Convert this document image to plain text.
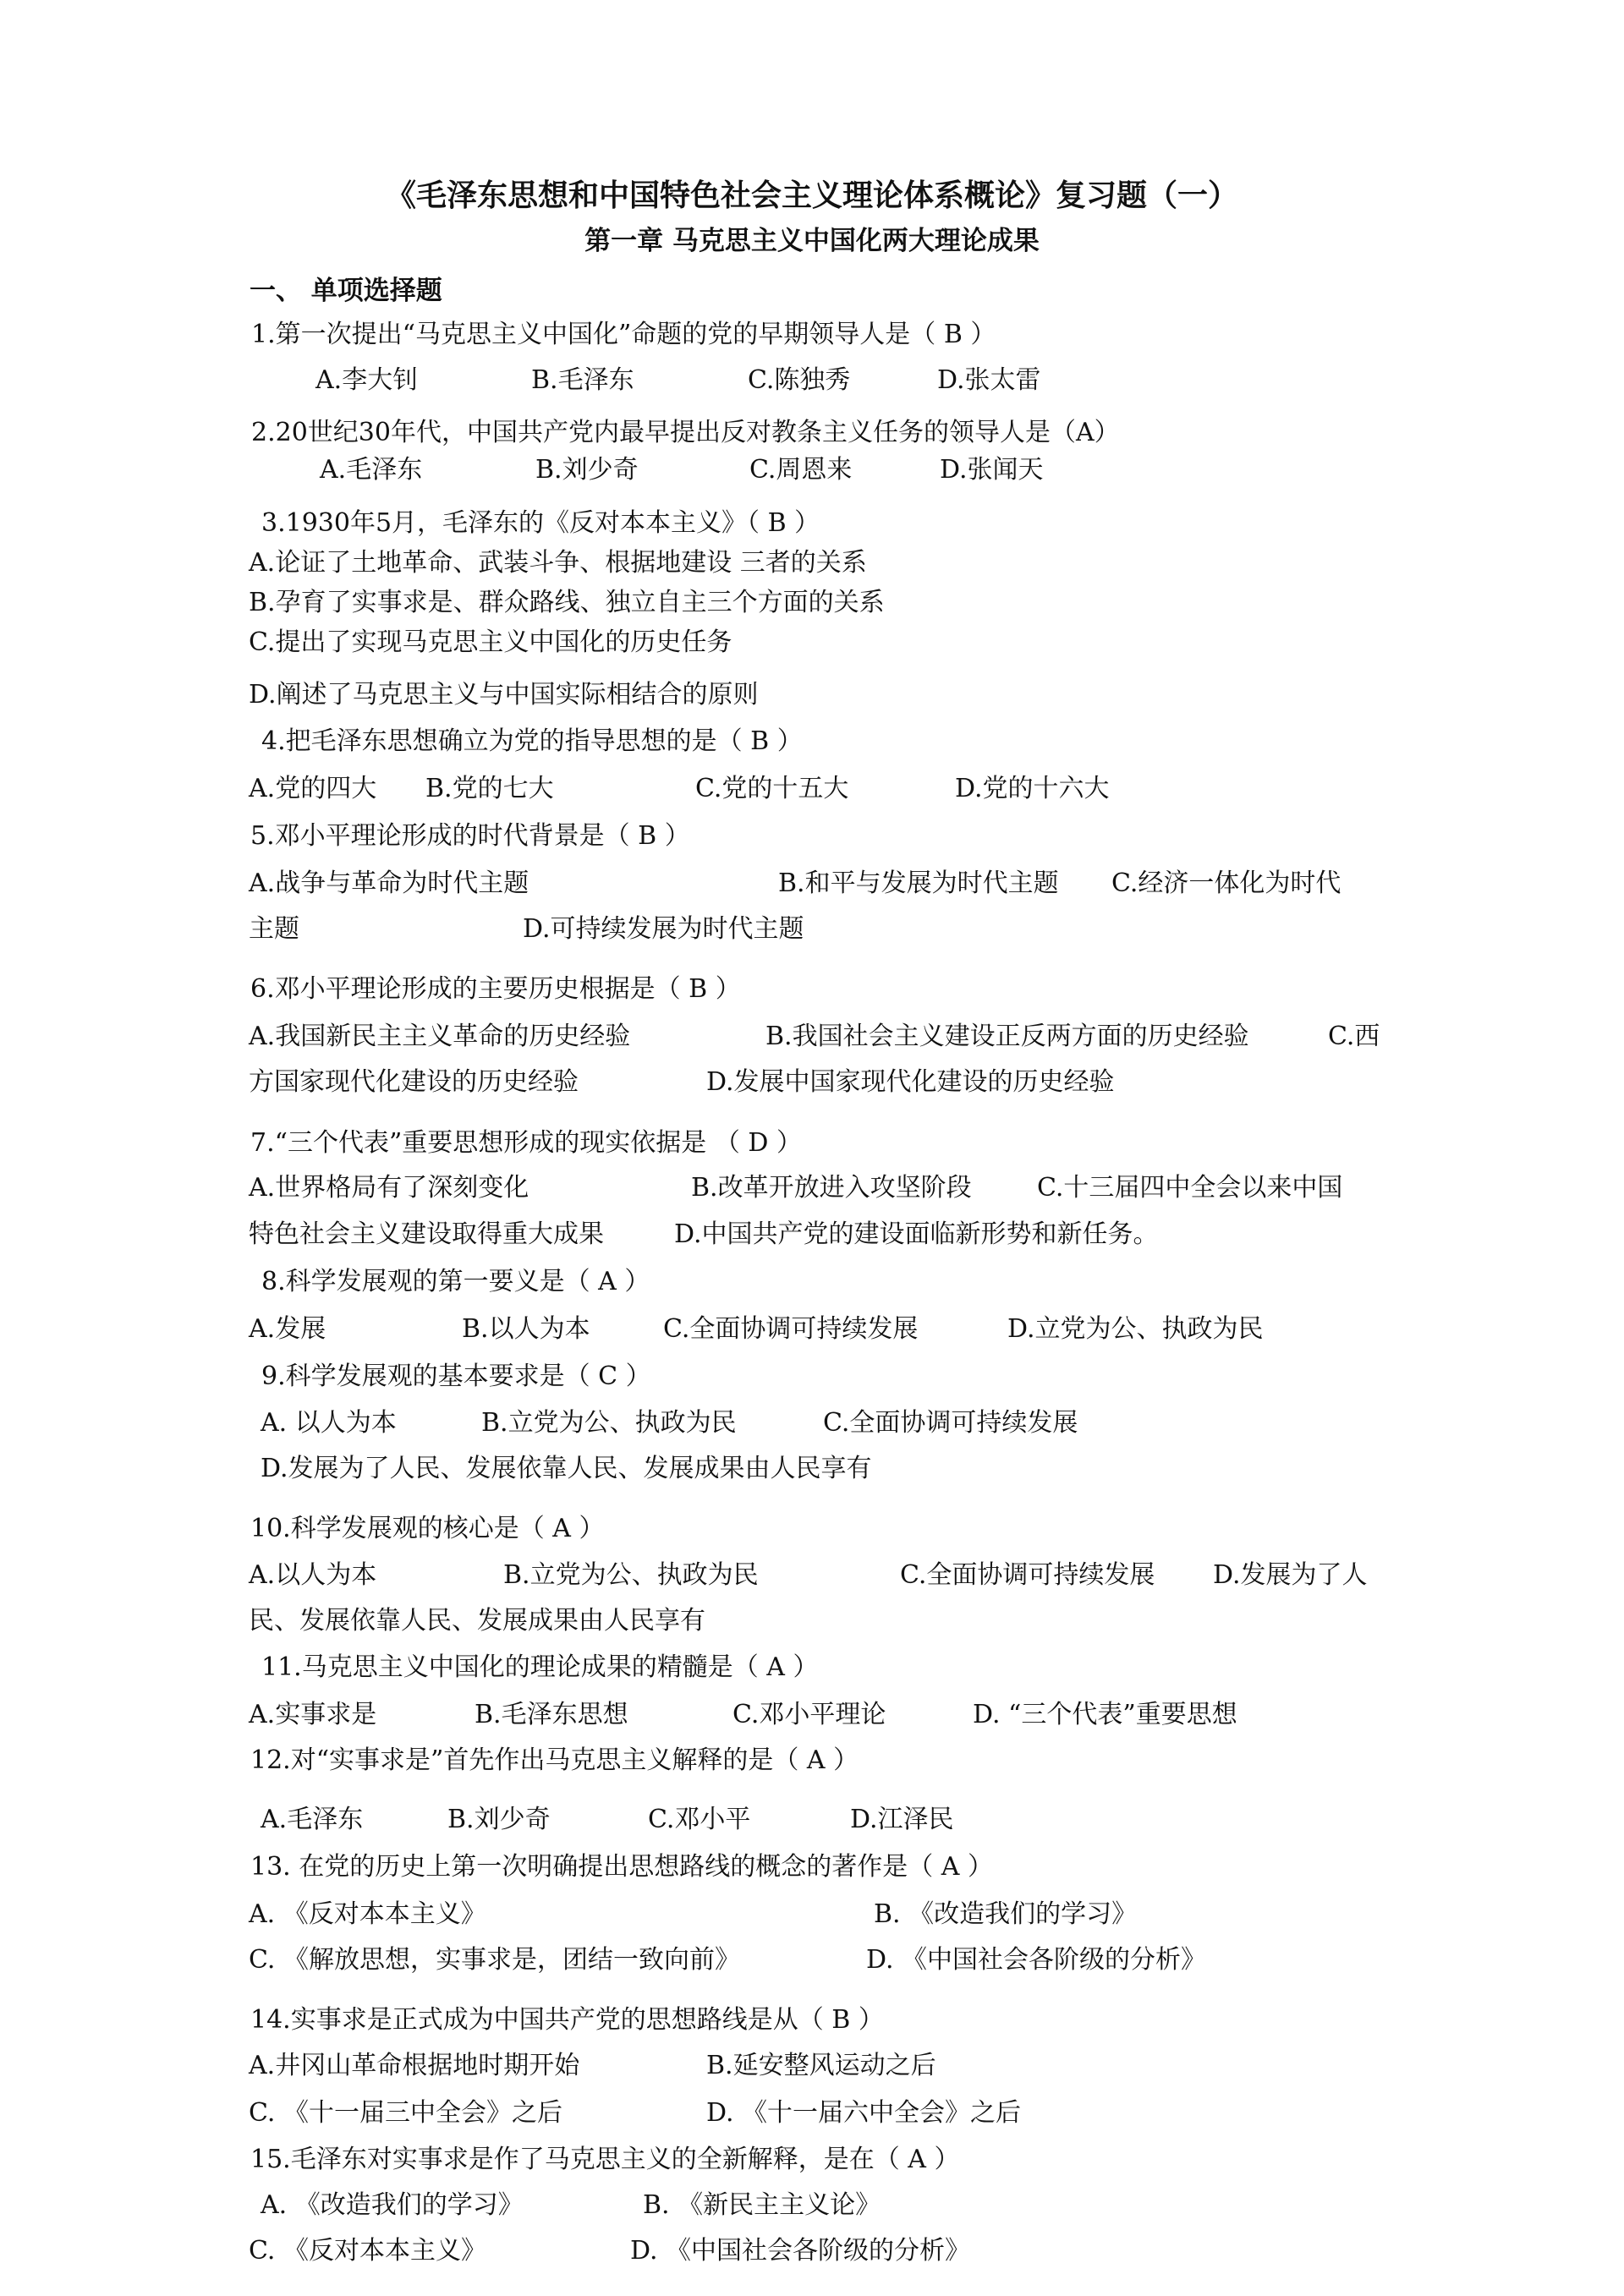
《毛泽东思想和中国特色社会主义理论体系概论》复习题（一）
第一章 马克思主义中国化两大理论成果
一、 单项选择题
1.第一次提出“马克思主义中国化”命题的党的早期领导人是（ B ）
A.李大钊	B.毛泽东	C.陈独秀	D.张太雷
2.20世纪30年代，中国共产党内最早提出反对教条主义任务的领导人是（A）
A.毛泽东	B.刘少奇	C.周恩来	D.张闻天
3.1930年5月，毛泽东的《反对本本主义》（ B ）
A.论证了土地革命、武装斗争、根据地建设 三者的关系
B.孕育了实事求是、群众路线、独立自主三个方面的关系
C.提出了实现马克思主义中国化的历史任务
D.阐述了马克思主义与中国实际相结合的原则
4.把毛泽东思想确立为党的指导思想的是（ B ）
A.党的四大 B.党的七大	C.党的十五大	D.党的十六大
5.邓小平理论形成的时代背景是（ B ）
A.战争与革命为时代主题	B.和平与发展为时代主题 C.经济一体化为时代
主题	D.可持续发展为时代主题
6.邓小平理论形成的主要历史根据是（ B ）
A.我国新民主主义革命的历史经验	B.我国社会主义建设正反两方面的历史经验	C.西
方国家现代化建设的历史经验	D.发展中国家现代化建设的历史经验
7.“三个代表”重要思想形成的现实依据是 （ D ）
A.世界格局有了深刻变化	B.改革开放进入攻坚阶段	C.十三届四中全会以来中国
特色社会主义建设取得重大成果	D.中国共产党的建设面临新形势和新任务。
8.科学发展观的第一要义是（ A ）
A.发展	B.以人为本	C.全面协调可持续发展	D.立党为公、执政为民
9.科学发展观的基本要求是（ C ）
A. 以人为本	B.立党为公、执政为民	C.全面协调可持续发展
D.发展为了人民、发展依靠人民、发展成果由人民享有
10.科学发展观的核心是（ A ）
A.以人为本	B.立党为公、执政为民	C.全面协调可持续发展 D.发展为了人
民、发展依靠人民、发展成果由人民享有
11.马克思主义中国化的理论成果的精髓是（ A ）
A.实事求是	B.毛泽东思想	C.邓小平理论	D. “三个代表”重要思想
12.对“实事求是”首先作出马克思主义解释的是（ A ）
A.毛泽东	B.刘少奇	C.邓小平	D.江泽民
13. 在党的历史上第一次明确提出思想路线的概念的著作是（ A ）
A. 《反对本本主义》	B. 《改造我们的学习》
C. 《解放思想，实事求是，团结一致向前》	D. 《中国社会各阶级的分析》
14.实事求是正式成为中国共产党的思想路线是从（ B ）
A.井冈山革命根据地时期开始	B.延安整风运动之后
C. 《十一届三中全会》之后	D. 《十一届六中全会》之后
15.毛泽东对实事求是作了马克思主义的全新解释，是在（ A ）
A. 《改造我们的学习》	B. 《新民主主义论》
C. 《反对本本主义》	D. 《中国社会各阶级的分析》
